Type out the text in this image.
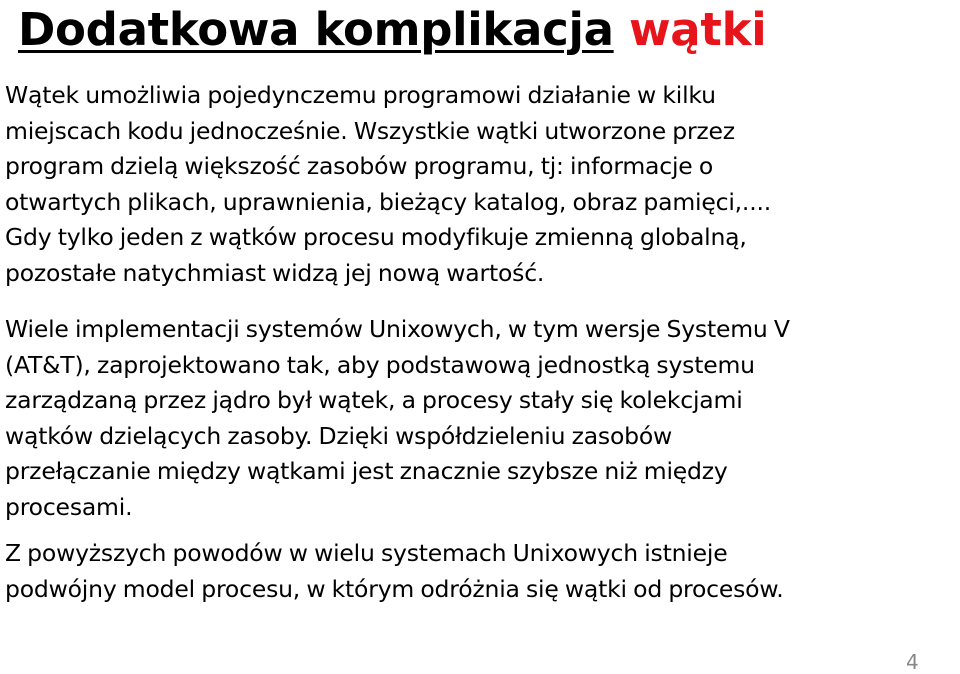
Dodatkowa komplikacja wątki

Wątek umożliwia pojedynczemu programowi działanie w kilku
miejscach kodu jednocześnie. Wszystkie wątki utworzone przez
program dzielą większość zasobów programu, tj: informacje o
otwartych plikach, uprawnienia, bieżący katalog, obraz pamięci,....
Gdy tylko jeden z wątków procesu modyfikuje zmienną globalną,
pozostałe natychmiast widzą jej nową wartość.

Wiele implementacji systemów Unixowych, w tym wersje Systemu V
(AT&T), zaprojektowano tak, aby podstawową jednostką systemu
zarządzaną przez jądro był wątek, a procesy stały się kolekcjami
wątków dzielących zasoby. Dzięki współdzieleniu zasobów
przełączanie między wątkami jest znacznie szybsze niż między
procesami.

Z powyższych powodów w wielu systemach Unixowych istnieje
podwójny model procesu, w którym odróżnia się wątki od procesów.

4
